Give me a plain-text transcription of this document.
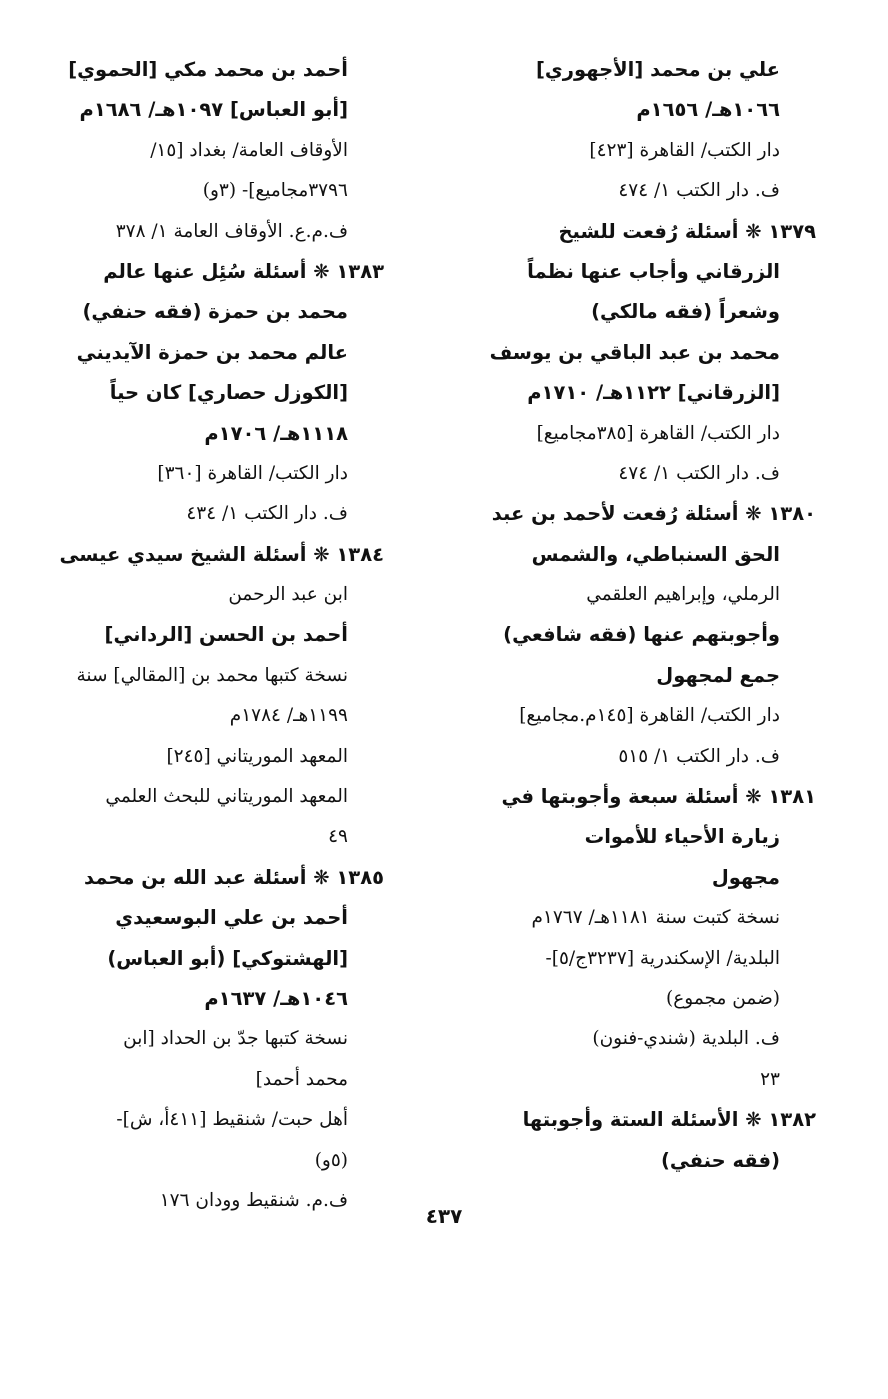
علي بن محمد [الأجهوري]
١٠٦٦هـ/ ١٦٥٦م
دار الكتب/ القاهرة [٤٢٣]
ف. دار الكتب ١/ ٤٧٤
١٣٧٩ ❋ أسئلة رُفعت للشيخ
الزرقاني وأجاب عنها نظماً
وشعراً (فقه مالكي)
محمد بن عبد الباقي بن يوسف
[الزرقاني] ١١٢٢هـ/ ١٧١٠م
دار الكتب/ القاهرة [٣٨٥مجاميع]
ف. دار الكتب ١/ ٤٧٤
١٣٨٠ ❋ أسئلة رُفعت لأحمد بن عبد
الحق السنباطي، والشمس
الرملي، وإبراهيم العلقمي
وأجوبتهم عنها (فقه شافعي)
جمع لمجهول
دار الكتب/ القاهرة [١٤٥م.مجاميع]
ف. دار الكتب ١/ ٥١٥
١٣٨١ ❋ أسئلة سبعة وأجوبتها في
زيارة الأحياء للأموات
مجهول
نسخة كتبت سنة ١١٨١هـ/ ١٧٦٧م
البلدية/ الإسكندرية [٣٢٣٧ج/٥]-
(ضمن مجموع)
ف. البلدية (شندي-فنون)
٢٣
١٣٨٢ ❋ الأسئلة الستة وأجوبتها
(فقه حنفي)
أحمد بن محمد مكي [الحموي]
[أبو العباس] ١٠٩٧هـ/ ١٦٨٦م
الأوقاف العامة/ بغداد [١٥/
٣٧٩٦مجاميع]- (٣و)
ف.م.ع. الأوقاف العامة ١/ ٣٧٨
١٣٨٣ ❋ أسئلة سُئِل عنها عالم
محمد بن حمزة (فقه حنفي)
عالم محمد بن حمزة الآيديني
[الكوزل حصاري] كان حياً
١١١٨هـ/ ١٧٠٦م
دار الكتب/ القاهرة [٣٦٠]
ف. دار الكتب ١/ ٤٣٤
١٣٨٤ ❋ أسئلة الشيخ سيدي عيسى
ابن عبد الرحمن
أحمد بن الحسن [الرداني]
نسخة كتبها محمد بن [المقالي] سنة
١١٩٩هـ/ ١٧٨٤م
المعهد الموريتاني [٢٤٥]
المعهد الموريتاني للبحث العلمي
٤٩
١٣٨٥ ❋ أسئلة عبد الله بن محمد
أحمد بن علي البوسعيدي
[الهشتوكي] (أبو العباس)
١٠٤٦هـ/ ١٦٣٧م
نسخة كتبها جدّ بن الحداد [ابن
محمد أحمد]
أهل حبت/ شنقيط [٤١١أ، ش]-
(٥و)
ف.م. شنقيط وودان ١٧٦
٤٣٧
